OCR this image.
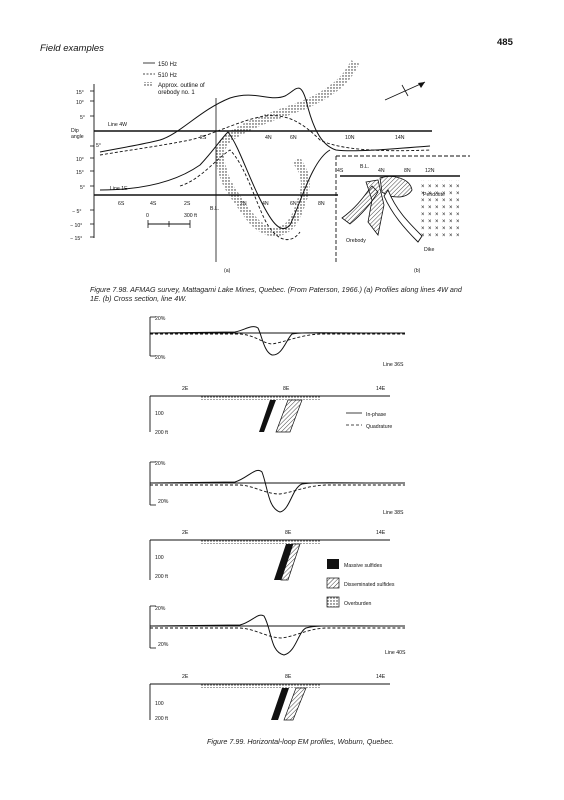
Field examples
485
150 Hz
510 Hz
Approx. outline of
orebody no. 1
15°
10°
5°
Dip
angle
5°
10°
15°
5°
− 5°
− 10°
− 15°
Line 4W
2S	4N	6N	10N	14N
Line 1E
6S	4S	2S
B.L.
2N	4N	6N	8N
0	300 ft
(a)
4S
B.L.
4N	8N	12N
Peridotite
Orebody
Dike
(b)
20%
20%
Line 36S
2E	8E	14E
100
200 ft
In-phase
Quadrature
20%
20%
Line 38S
2E	8E	14E
100
200 ft
Massive sulfides
Disseminated sulfides
Overburden
20%
20%
Line 40S
2E	8E	14E
100
200 ft
Figure 7.98. AFMAG survey, Mattagami Lake Mines, Quebec. (From Paterson, 1966.) (a) Profiles along lines 4W and 1E. (b) Cross section, line 4W.
Figure 7.99. Horizontal-loop EM profiles, Woburn, Quebec.
